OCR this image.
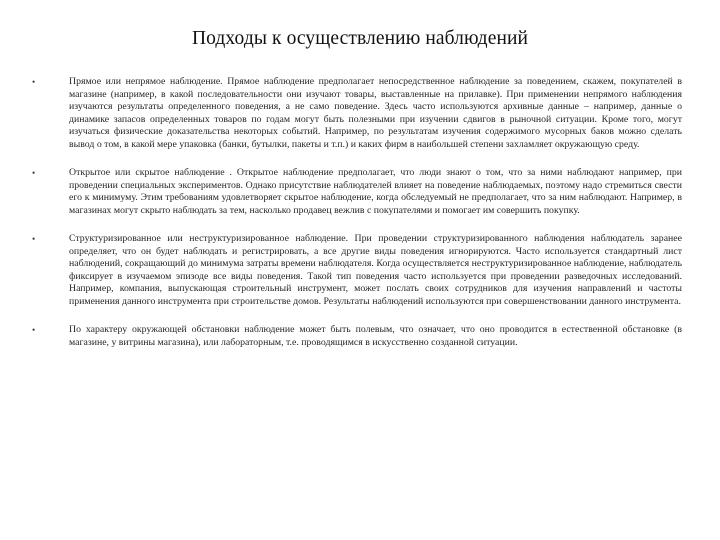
Подходы к осуществлению наблюдений
•	Прямое или непрямое наблюдение. Прямое наблюдение предполагает непосредственное наблюдение за поведением, скажем, покупателей в магазине (например, в какой последовательности они изучают товары, выставленные на прилавке). При применении непрямого наблюдения изучаются результаты определенного поведения, а не само поведение. Здесь часто используются архивные данные – например, данные о динамике запасов определенных товаров по годам могут быть полезными при изучении сдвигов в рыночной ситуации. Кроме того, могут изучаться физические доказательства некоторых событий. Например, по результатам изучения содержимого мусорных баков можно сделать вывод о том, в какой мере упаковка (банки, бутылки, пакеты и т.п.) и каких фирм в наибольшей степени захламляет окружающую среду.
•	Открытое или скрытое наблюдение . Открытое наблюдение предполагает, что люди знают о том, что за ними наблюдают например, при проведении специальных экспериментов. Однако присутствие наблюдателей влияет на поведение наблюдаемых, поэтому надо стремиться свести его к минимуму. Этим требованиям удовлетворяет скрытое наблюдение, когда обследуемый не предполагает, что за ним наблюдают. Например, в магазинах могут скрыто наблюдать за тем, насколько продавец вежлив с покупателями и помогает им совершить покупку.
•	Структуризированное или неструктуризированное наблюдение. При проведении структуризированного наблюдения наблюдатель заранее определяет, что он будет наблюдать и регистрировать, а все другие виды поведения игнорируются. Часто используется стандартный лист наблюдений, сокращающий до минимума затраты времени наблюдателя. Когда осуществляется неструктуризированное наблюдение, наблюдатель фиксирует в изучаемом эпизоде все виды поведения. Такой тип поведения часто используется при проведении разведочных исследований. Например, компания, выпускающая строительный инструмент, может послать своих сотрудников для изучения направлений и частоты применения данного инструмента при строительстве домов. Результаты наблюдений используются при совершенствовании данного инструмента.
•	По характеру окружающей обстановки наблюдение может быть полевым, что означает, что оно проводится в естественной обстановке (в магазине, у витрины магазина), или лабораторным, т.е. проводящимся в искусственно созданной ситуации.
